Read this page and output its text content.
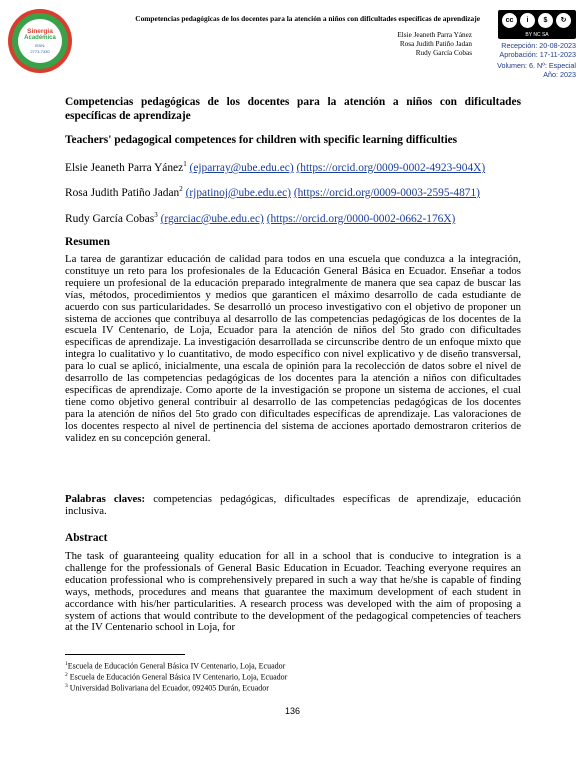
Sinergia
Académica
ISSN:
2773-7330
Competencias pedagógicas de los docentes para la atención a niños con dificultades específicas de aprendizaje
Elsie Jeaneth Parra Yánez
Rosa Judith Patiño Jadan
Rudy García Cobas
cc	i	$	↻
BY NC SA
Recepción: 20-08-2023
Aprobación: 17-11-2023
Volumen: 6. Nº: Especial
Año: 2023
Competencias pedagógicas de los docentes para la atención a niños con dificultades específicas de aprendizaje
Teachers' pedagogical competences for children with specific learning difficulties
Elsie Jeaneth Parra Yánez$^1$ (ejparray@ube.edu.ec) (https://orcid.org/0009-0002-4923-904X)
Rosa Judith Patiño Jadan$^2$ (rjpatinoj@ube.edu.ec) (https://orcid.org/0009-0003-2595-4871)
Rudy García Cobas$^3$ (rgarciac@ube.edu.ec) (https://orcid.org/0000-0002-0662-176X)
Resumen
La tarea de garantizar educación de calidad para todos en una escuela que conduzca a la integración, constituye un reto para los profesionales de la Educación General Básica en Ecuador. Enseñar a todos requiere un profesional de la educación preparado integralmente de manera que sea capaz de buscar las vías, métodos, procedimientos y medios que garanticen el máximo desarrollo de cada estudiante de acuerdo con sus particularidades. Se desarrolló un proceso investigativo con el objetivo de proponer un sistema de acciones que contribuya al desarrollo de las competencias pedagógicas de los docentes de la escuela IV Centenario, de Loja, Ecuador para la atención de niños del 5to grado con dificultades específicas de aprendizaje. La investigación desarrollada se circunscribe dentro de un enfoque mixto que integra lo cualitativo y lo cuantitativo, de modo específico con nivel explicativo y de diseño transversal, para lo cual se aplicó, inicialmente, una escala de opinión para la recolección de datos sobre el nivel de desarrollo de las competencias pedagógicas de los docentes para la atención a niños con dificultades específicas de aprendizaje. Como aporte de la investigación se propone un sistema de acciones, el cual tiene como objetivo general contribuir al desarrollo de las competencias pedagógicas de los docentes para la atención de niños del 5to grado con dificultades específicas de aprendizaje. Las valoraciones de los docentes respecto al nivel de pertinencia del sistema de acciones aportado demostraron criterios de validez en su concepción general.
Palabras claves: competencias pedagógicas, dificultades específicas de aprendizaje, educación inclusiva.
Abstract
The task of guaranteeing quality education for all in a school that is conducive to integration is a challenge for the professionals of General Basic Education in Ecuador. Teaching everyone requires an education professional who is comprehensively prepared in such a way that he/she is capable of finding ways, methods, procedures and means that guarantee the maximum development of each student in accordance with his/her particularities. A research process was developed with the aim of proposing a system of actions that would contribute to the development of the pedagogical competencies of teachers at the IV Centenario school in Loja, for
$^1$Escuela de Educación General Básica IV Centenario, Loja, Ecuador
$^2$ Escuela de Educación General Básica IV Centenario, Loja, Ecuador
$^3$ Universidad Bolivariana del Ecuador, 092405 Durán, Ecuador
136
